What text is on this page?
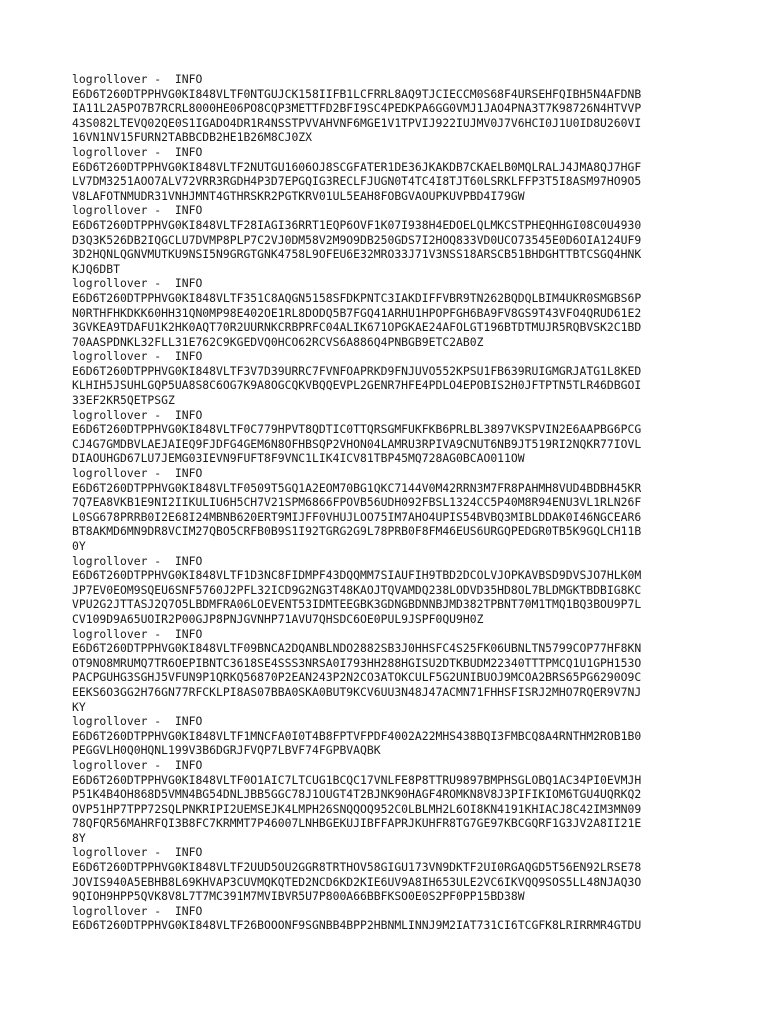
logrollover -  INFO
E6D6T260DTPPHVG0KI848VLTF0NTGUJCK158IIFB1LCFRRL8AQ9TJCIECCM0S68F4URSEHFQIBH5N4AFDNB
IA11L2A5PO7B7RCRL8000HE06PO8CQP3METTFD2BFI9SC4PEDKPA6GG0VMJ1JAO4PNA3T7K98726N4HTVVP
43S082LTEVQ02QE0S1IGADO4DR1R4NSSTPVVAHVNF6MGE1V1TPVIJ922IUJMV0J7V6HCI0J1U0ID8U260VI
16VN1NV15FURN2TABBCDB2HE1B26M8CJ0ZX
logrollover -  INFO
E6D6T260DTPPHVG0KI848VLTF2NUTGU1606OJ8SCGFATER1DE36JKAKDB7CKAELB0MQLRALJ4JMA8QJ7HGF
LV7DM3251AOO7ALV72VRR3RGDH4P3D7EPGQIG3RECLFJUGN0T4TC4I8TJT60LSRKLFFP3T5I8ASM97HO9O5
V8LAFOTNMUDR31VNHJMNT4GTHRSKR2PGTKRV01UL5EAH8FOBGVAOUPKUVPBD4I79GW
logrollover -  INFO
E6D6T260DTPPHVG0KI848VLTF28IAGI36RRT1EQP6OVF1K07I938H4EDOELQLMKCSTPHEQHHGI08C0U4930
D3Q3K526DB2IQGCLU7DVMP8PLP7C2VJ0DM58V2M9O9DB250GDS7I2HOQ833VD0UCO73545E0D6OIA124UF9
3D2HQNLQGNVMUTKU9NSI5N9GRGTGNK4758L9OFEU6E32MRO33J71V3NSS18ARSCB51BHDGHTTBTCSGQ4HNK
KJQ6DBT
logrollover -  INFO
E6D6T260DTPPHVG0KI848VLTF351C8AQGN5158SFDKPNTC3IAKDIFFVBR9TN262BQDQLBIM4UKR0SMGBS6P
N0RTHFHKDKK60HH31QN0MP98E402OE1RL8DODQ5B7FGQ41ARHU1HPOPFGH6BA9FV8GS9T43VFO4QRUD61E2
3GVKEA9TDAFU1K2HK0AQT70R2UURNKCRBPRFC04ALIK671OPGKAE24AFOLGT196BTDTMUJR5RQBVSK2C1BD
70AASPDNKL32FLL31E762C9KGEDVQ0HCO62RCVS6A886Q4PNBGB9ETC2AB0Z
logrollover -  INFO
E6D6T260DTPPHVG0KI848VLTF3V7D39URRC7FVNFOAPRKD9FNJUVO552KPSU1FB639RUIGMGRJATG1L8KED
KLHIH5JSUHLGQP5UA8S8C6OG7K9A8OGCQKVBQQEVPL2GENR7HFE4PDLO4EPOBIS2H0JFTPTN5TLR46DBGOI
33EF2KR5QETPSGZ
logrollover -  INFO
E6D6T260DTPPHVG0KI848VLTF0C779HPVT8QDTIC0TTQRSGMFUKFKB6PRLBL3897VKSPVIN2E6AAPBG6PCG
CJ4G7GMDBVLAEJAIEQ9FJDFG4GEM6N8OFHBSQP2VHON04LAMRU3RPIVA9CNUT6NB9JT519RI2NQKR77IOVL
DIAOUHGD67LU7JEMG03IEVN9FUFT8F9VNC1LIK4ICV81TBP45MQ728AG0BCAO011OW
logrollover -  INFO
E6D6T260DTPPHVG0KI848VLTF0509T5GQ1A2EOM70BG1QKC7144V0M42RRN3M7FR8PAHMH8VUD4BDBH45KR
7Q7EA8VKB1E9NI2IIKULIU6H5CH7V21SPM6866FPOVB56UDH092FBSL1324CC5P40M8R94ENU3VL1RLN26F
L0SG678PRRB0I2E68I24MBNB620ERT9MIJFF0VHUJLOO75IM7AHO4UPIS54BVBQ3MIBLDDAK0I46NGCEAR6
BT8AKMD6MN9DR8VCIM27QBO5CRFB0B9S1I92TGRG2G9L78PRB0F8FM46EUS6URGQPEDGR0TB5K9GQLCH11B
0Y
logrollover -  INFO
E6D6T260DTPPHVG0KI848VLTF1D3NC8FIDMPF43DQQMM7SIAUFIH9TBD2DCOLVJOPKAVBSD9DVSJO7HLK0M
JP7EV0EOM9SQEU6SNF5760J2PFL32ICD9G2NG3T48KAOJTQVAMDQ238LODVD35HD8OL7BLDMGKTBDBIG8KC
VPU2G2JTTASJ2Q7O5LBDMFRA06LOEVENT53IDMTEEGBK3GDNGBDNNBJMD382TPBNT70M1TMQ1BQ3BOU9P7L
CV109D9A65UOIR2P00GJP8PNJGVNHP71AVU7QHSDC6OE0PUL9JSPF0QU9H0Z
logrollover -  INFO
E6D6T260DTPPHVG0KI848VLTF09BNCA2DQANBLNDO2882SB3J0HHSFC4S25FK06UBNLTN5799COP77HF8KN
OT9NO8MRUMQ7TR6OEPIBNTC3618SE4SSS3NRSA0I793HH288HGISU2DTKBUDM22340TTTPMCQ1U1GPH153O
PACPGUHG3SGHJ5VFUN9P1QRKQ56870P2EAN243P2N2CO3ATOKCULF5G2UNIBUOJ9MCOA2BRS65PG6290O9C
EEKS6O3GG2H76GN77RFCKLPI8AS07BBA0SKA0BUT9KCV6UU3N48J47ACMN71FHHSFISRJ2MHO7RQER9V7NJ
KY
logrollover -  INFO
E6D6T260DTPPHVG0KI848VLTF1MNCFA0I0T4B8FPTVFPDF4002A22MHS438BQI3FMBCQ8A4RNTHM2ROB1B0
PEGGVLH0Q0HQNL199V3B6DGRJFVQP7LBVF74FGPBVAQBK
logrollover -  INFO
E6D6T260DTPPHVG0KI848VLTF0O1AIC7LTCUG1BCQC17VNLFE8P8TTRU9897BMPHSGLOBQ1AC34PI0EVMJH
P51K4B4OH868D5VMN4BG54DNLJBB5GGC78J1OUGT4T2BJNK90HAGF4ROMKN8V8J3PIFIKIOM6TGU4UQRKQ2
OVP51HP7TPP72SQLPNKRIPI2UEMSEJK4LMPH26SNQQOQ952C0LBLMH2L6OI8KN4191KHIACJ8C42IM3MN09
78QFQR56MAHRFQI3B8FC7KRMMT7P46007LNHBGEKUJIBFFAPRJKUHFR8TG7GE97KBCGQRF1G3JV2A8II21E
8Y
logrollover -  INFO
E6D6T260DTPPHVG0KI848VLTF2UUD5OU2GGR8TRTHOV58GIGU173VN9DKTF2UI0RGAQGD5T56EN92LRSE78
JOVIS940A5EBHB8L69KHVAP3CUVMQKQTED2NCD6KD2KIE6UV9A8IH653ULE2VC6IKVQQ9SOS5LL48NJAQ3O
9QIOH9HPP5QVK8V8L7T7MC391M7MVIBVR5U7P800A66BBFKSO0E0S2PF0PP15BD38W
logrollover -  INFO
E6D6T260DTPPHVG0KI848VLTF26BOOONF9SGNBB4BPP2HBNMLINNJ9M2IAT731CI6TCGFK8LRIRRMR4GTDU
